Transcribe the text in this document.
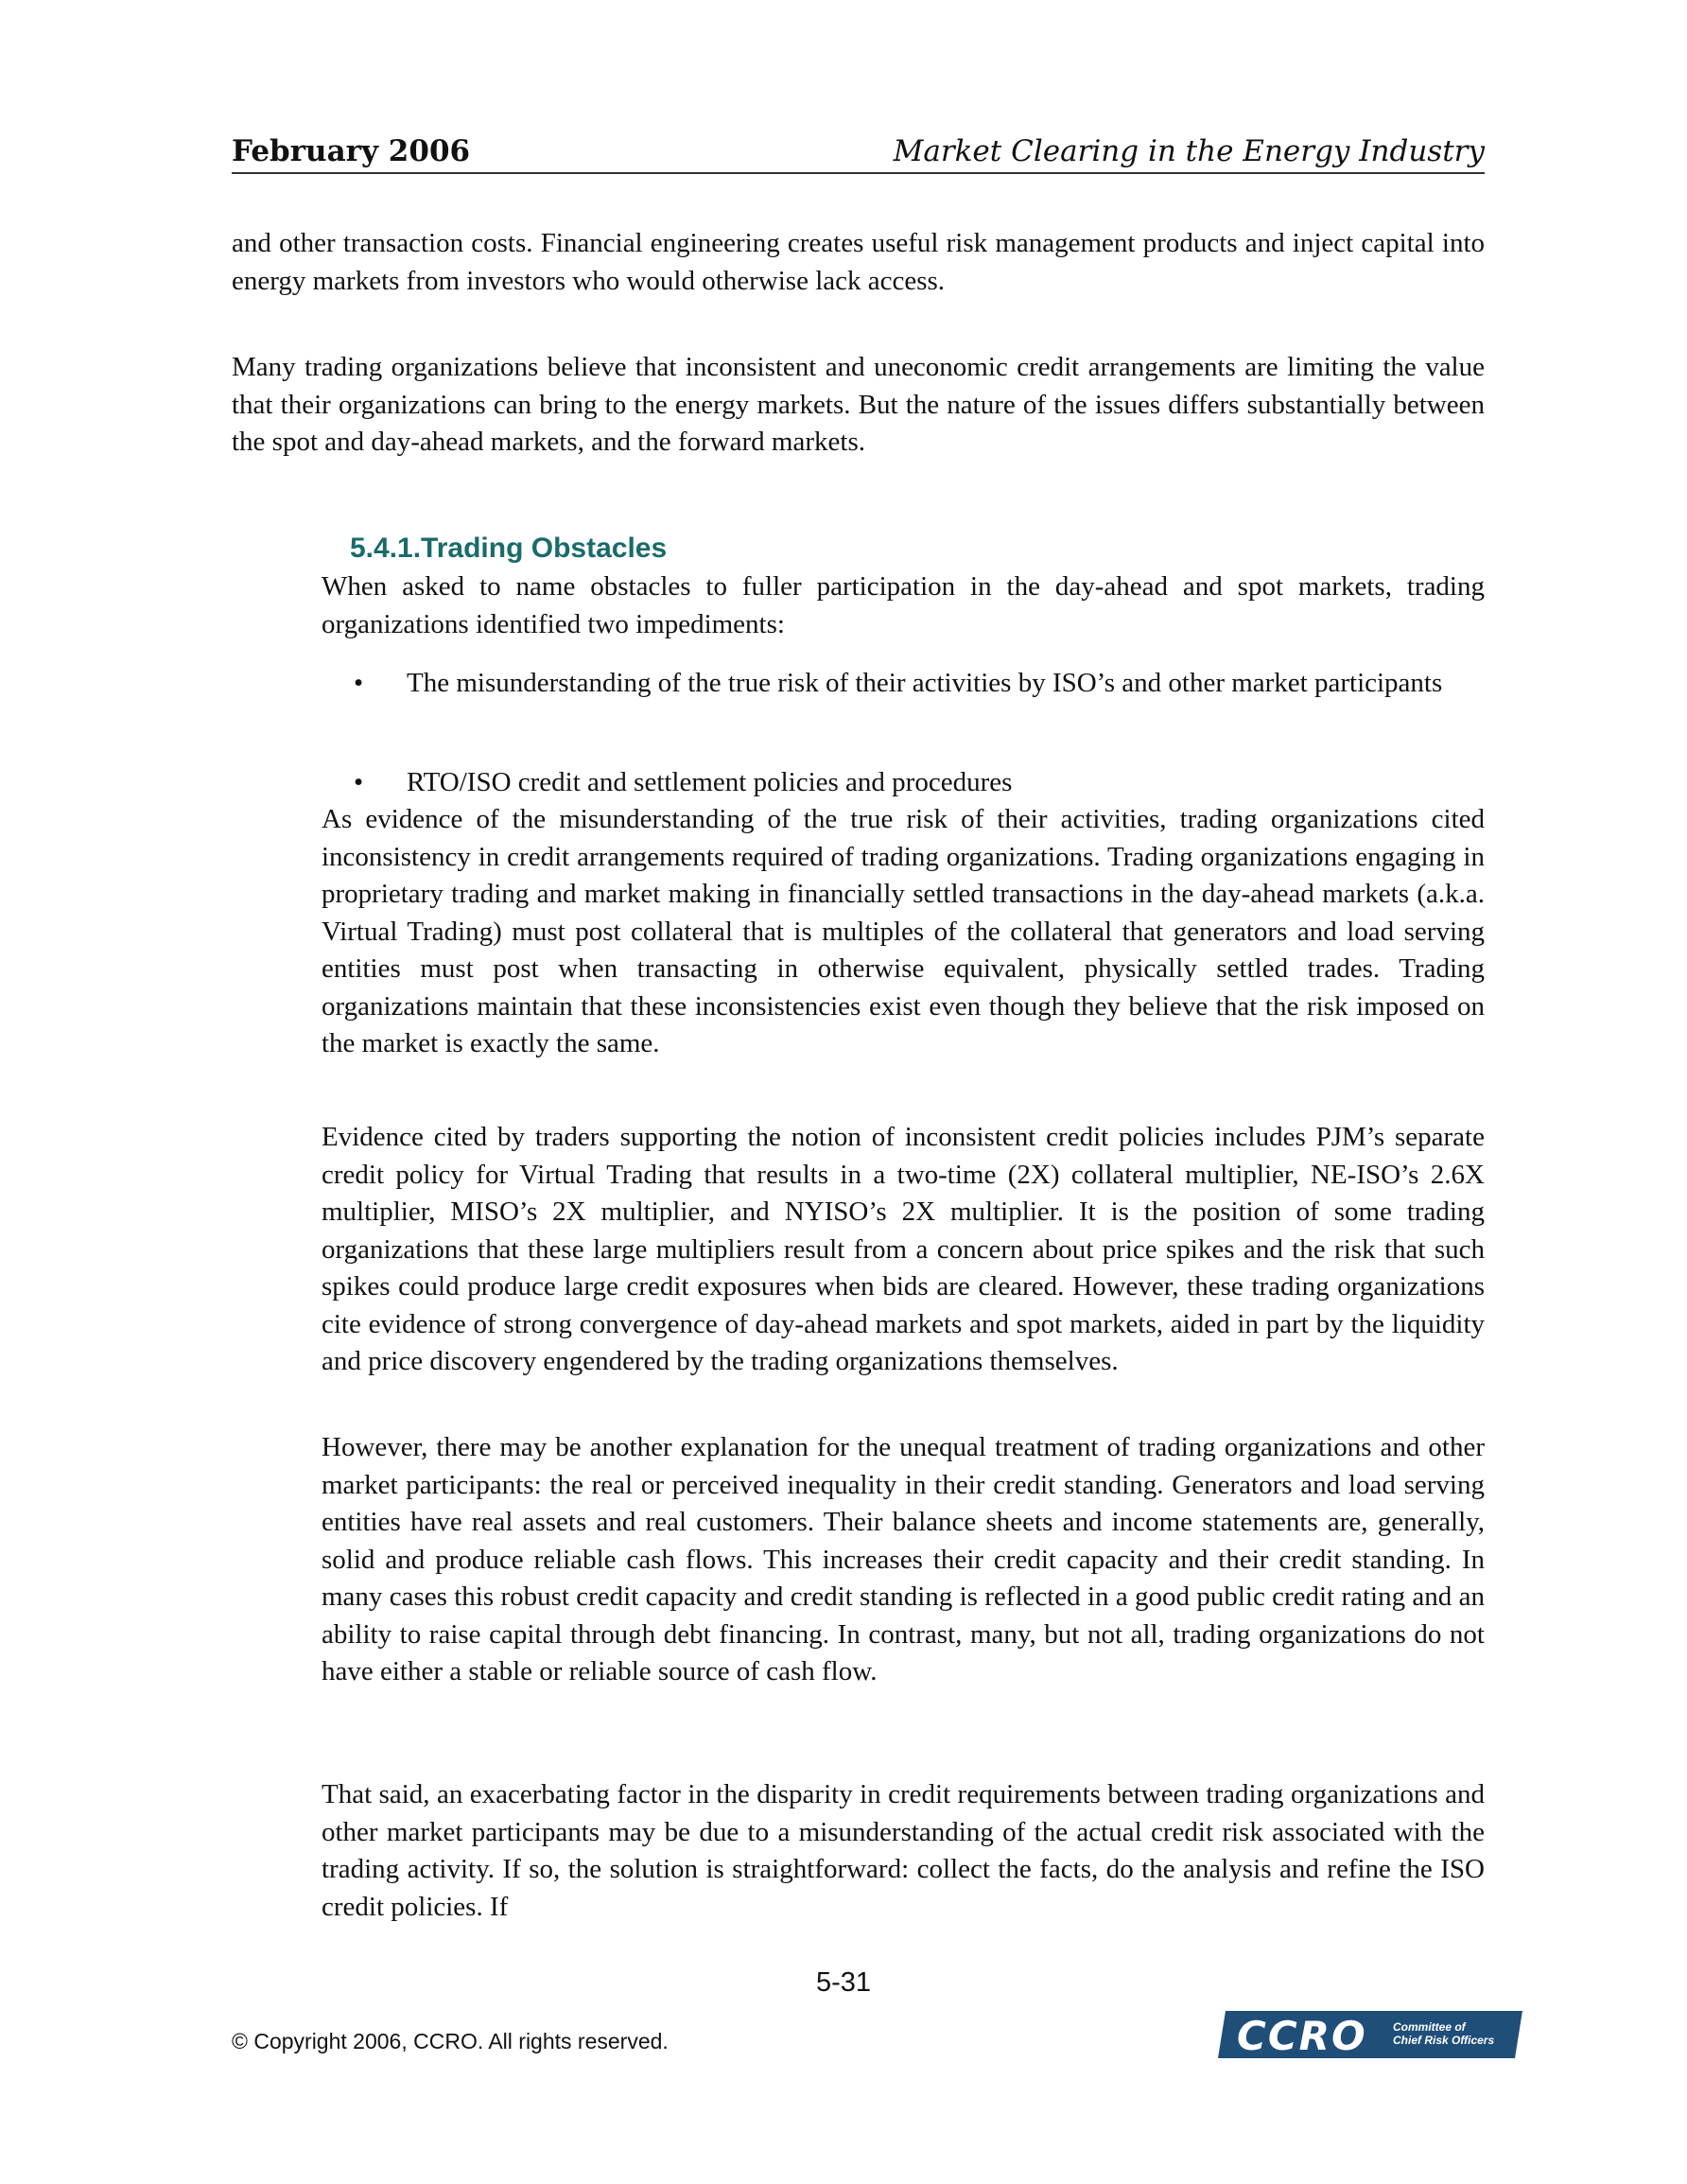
February 2006	Market Clearing in the Energy Industry

and other transaction costs. Financial engineering creates useful risk management products and inject capital into energy markets from investors who would otherwise lack access.

Many trading organizations believe that inconsistent and uneconomic credit arrangements are limiting the value that their organizations can bring to the energy markets. But the nature of the issues differs substantially between the spot and day-ahead markets, and the forward markets.

5.4.1.Trading Obstacles

When asked to name obstacles to fuller participation in the day-ahead and spot markets, trading organizations identified two impediments:

•	The misunderstanding of the true risk of their activities by ISO’s and other market participants
•	RTO/ISO credit and settlement policies and procedures

As evidence of the misunderstanding of the true risk of their activities, trading organizations cited inconsistency in credit arrangements required of trading organizations. Trading organizations engaging in proprietary trading and market making in financially settled transactions in the day-ahead markets (a.k.a. Virtual Trading) must post collateral that is multiples of the collateral that generators and load serving entities must post when transacting in otherwise equivalent, physically settled trades. Trading organizations maintain that these inconsistencies exist even though they believe that the risk imposed on the market is exactly the same.

Evidence cited by traders supporting the notion of inconsistent credit policies includes PJM’s separate credit policy for Virtual Trading that results in a two-time (2X) collateral multiplier, NE-ISO’s 2.6X multiplier, MISO’s 2X multiplier, and NYISO’s 2X multiplier. It is the position of some trading organizations that these large multipliers result from a concern about price spikes and the risk that such spikes could produce large credit exposures when bids are cleared. However, these trading organizations cite evidence of strong convergence of day-ahead markets and spot markets, aided in part by the liquidity and price discovery engendered by the trading organizations themselves.

However, there may be another explanation for the unequal treatment of trading organizations and other market participants: the real or perceived inequality in their credit standing. Generators and load serving entities have real assets and real customers. Their balance sheets and income statements are, generally, solid and produce reliable cash flows. This increases their credit capacity and their credit standing. In many cases this robust credit capacity and credit standing is reflected in a good public credit rating and an ability to raise capital through debt financing. In contrast, many, but not all, trading organizations do not have either a stable or reliable source of cash flow.

That said, an exacerbating factor in the disparity in credit requirements between trading organizations and other market participants may be due to a misunderstanding of the actual credit risk associated with the trading activity. If so, the solution is straightforward: collect the facts, do the analysis and refine the ISO credit policies. If

5-31
© Copyright 2006, CCRO. All rights reserved.	CCRO Committee of
Chief Risk Officers
